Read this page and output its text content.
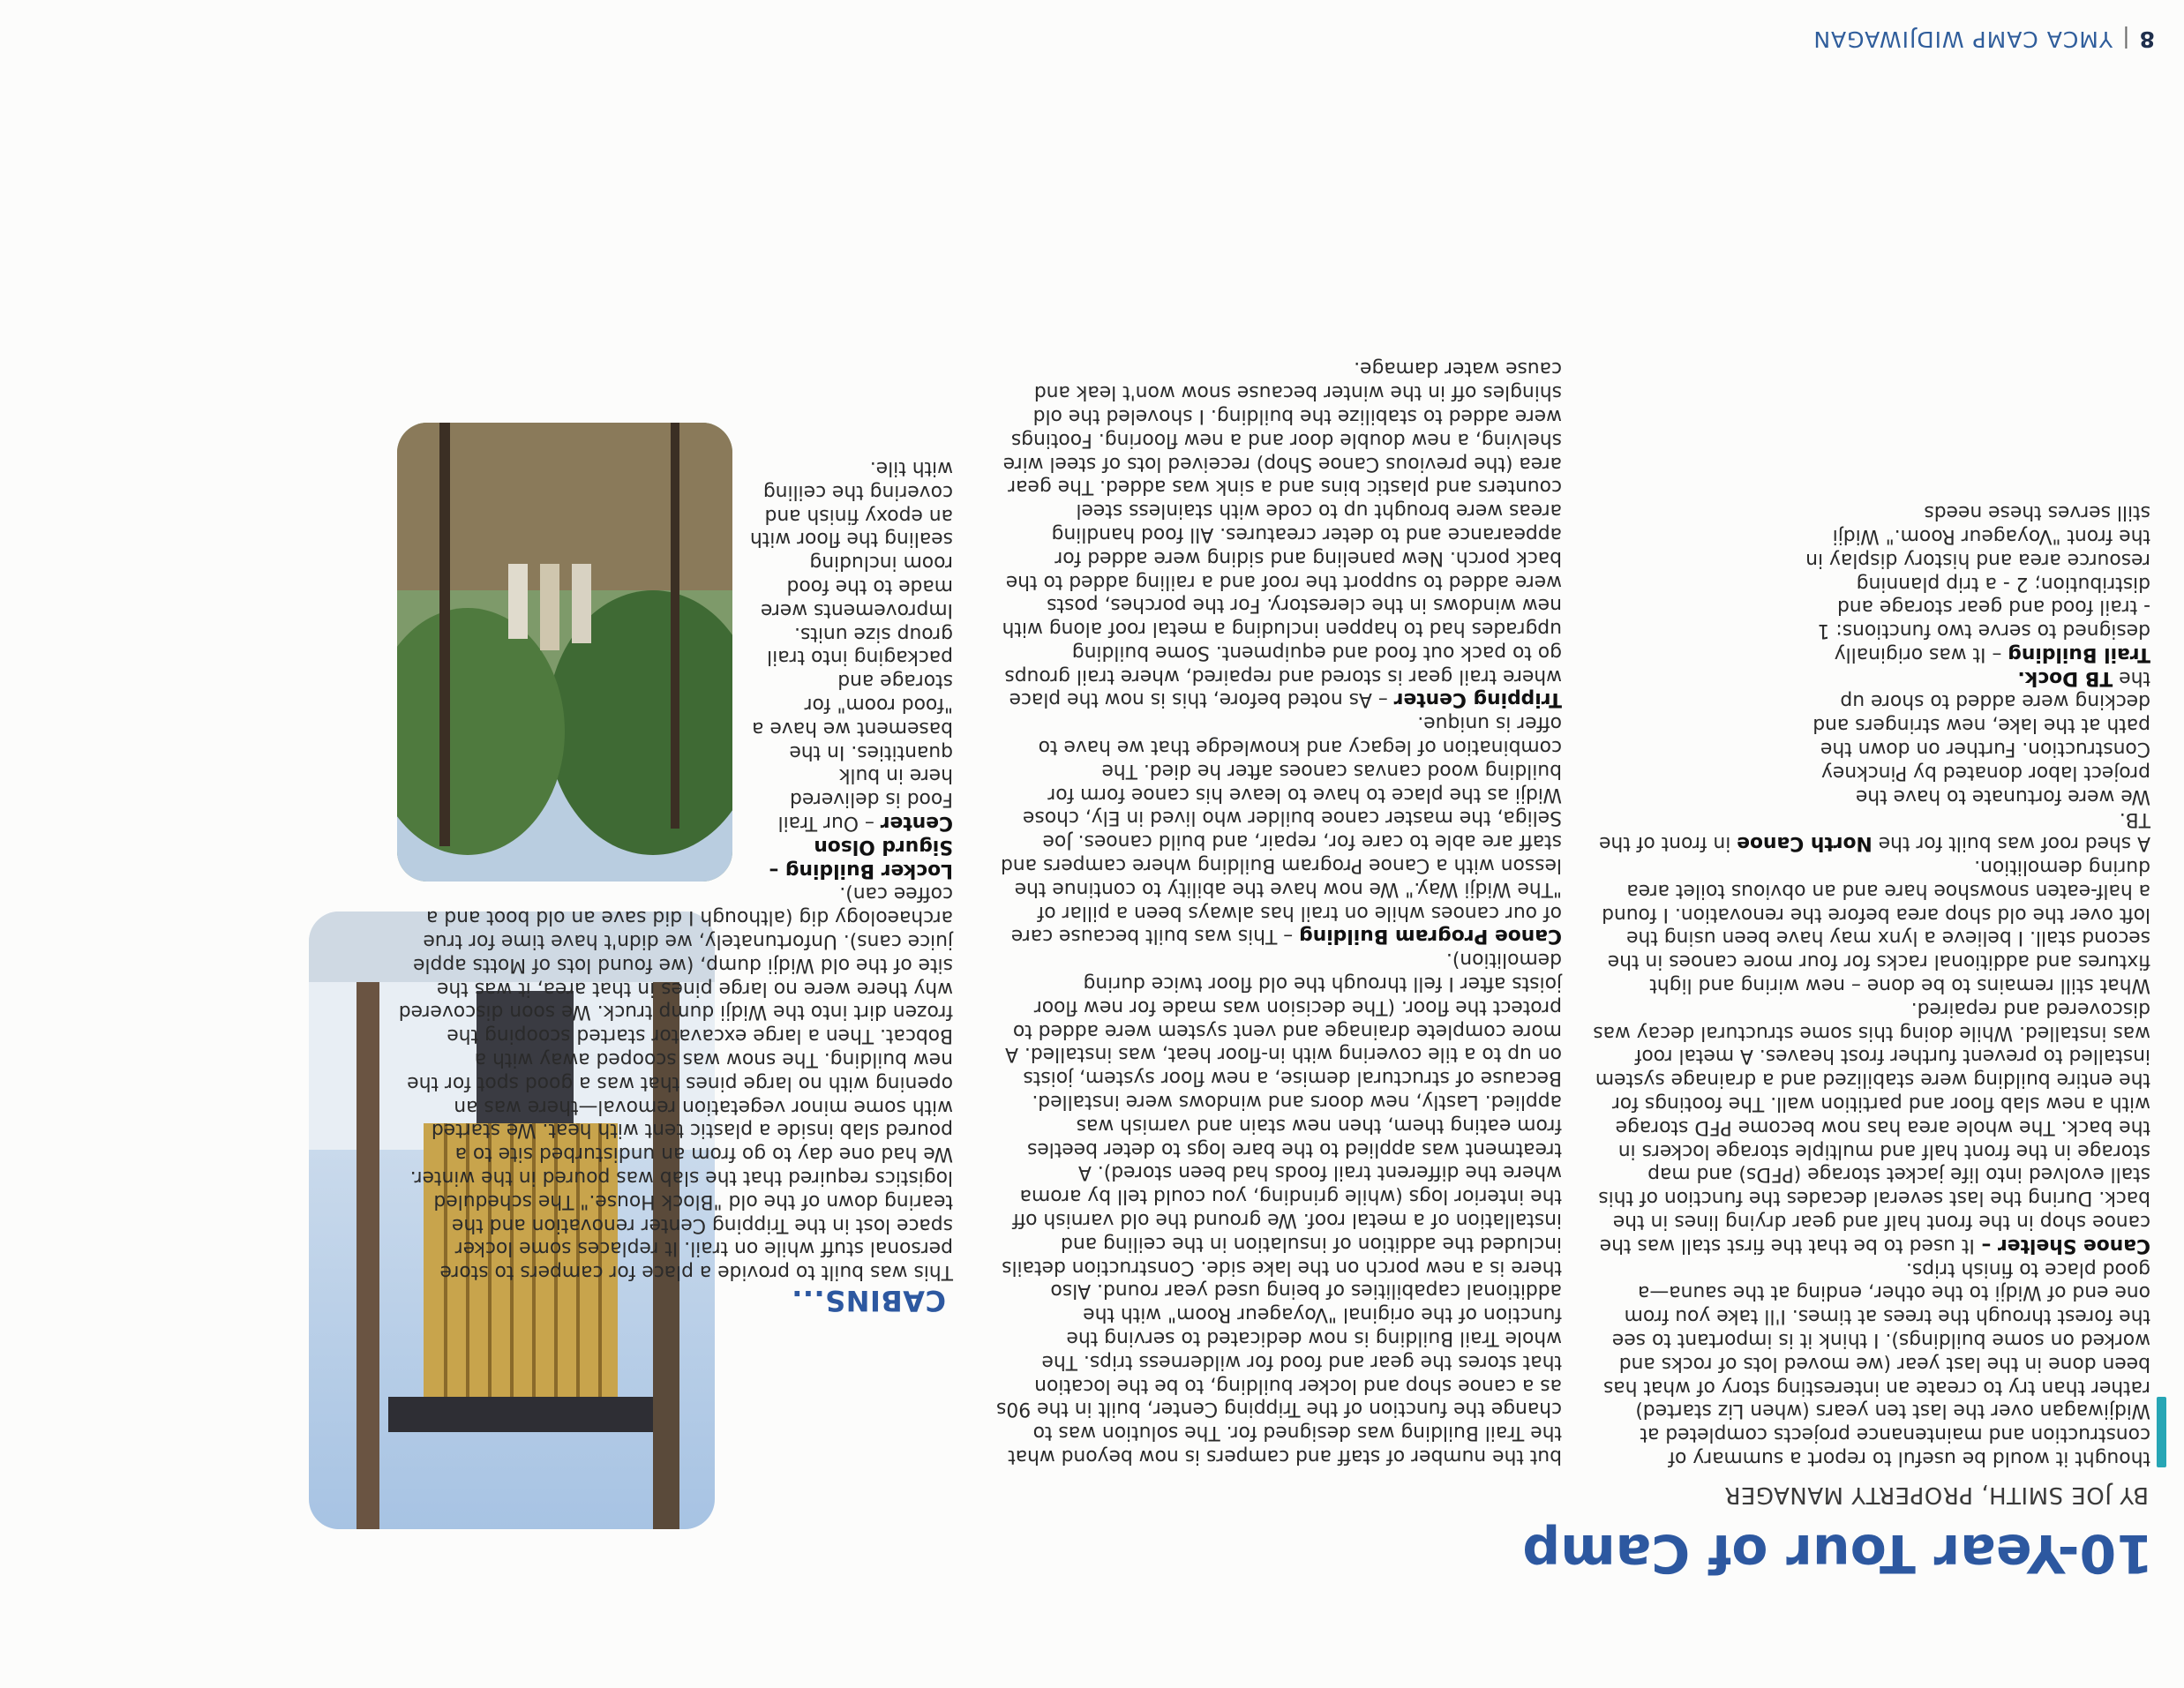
8
|
YMCA CAMP WIDJIWAGAN
10-Year Tour of Camp
BY JOE SMITH, PROPERTY MANAGER

thought it would be useful to report a summary of construction and maintenance projects completed at Widjiwagan over the last ten years (when Liz started) rather than try to create an interesting story of what has been done in the last year (we moved lots of rocks and worked on some buildings). I think it is important to see the forest through the trees at times. I'll take you from one end of Widji to the other, ending at the sauna—a good place to finish trips.

Canoe Shelter – It used to be that the first stall was the canoe shop in the front half and gear drying lines in the back. During the last several decades the function of this stall evolved into life jacket storage (PFDs) and map storage in the front half and multiple storage lockers in the back. The whole area has now become PFD storage with a new slab floor and partition wall. The footings for the entire building were stabilized and a drainage system installed to prevent further frost heaves. A metal roof was installed. While doing this some structural decay was discovered and repaired.

What still remains to be done – new wiring and light fixtures and additional racks for four more canoes in the second stall. I believe a lynx may have been using the loft over the old shop area before the renovation. I found a half-eaten snowshoe hare and an obvious toilet area during demolition.

A shed roof was built for the North Canoe in front of the TB.

We were fortunate to have the project labor donated by Pinckney Construction. Further on down the path at the lake, new stringers and decking were added to shore up the TB Dock.

Trail Building – It was originally designed to serve two functions: 1 - trail food and gear storage and distribution; 2 - a trip planning resource area and history display in the front "Voyageur Room." Widji still serves these needs

but the number of staff and campers is now beyond what the Trail Building was designed for. The solution was to change the function of the Tripping Center, built in the 90s as a canoe shop and locker building, to be the location that stores the gear and food for wilderness trips. The whole Trail Building is now dedicated to serving the function of the original "Voyageur Room" with the additional capabilities of being used year round. Also there is a new porch on the lake side. Construction details included the addition of insulation in the ceiling and installation of a metal roof. We ground the old varnish off the interior logs (while grinding, you could tell by aroma where the different trail foods had been stored). A treatment was applied to the bare logs to deter beetles from eating them, then new stain and varnish was applied. Lastly, new doors and windows were installed. Because of structural demise, a new floor system, joists on up to a tile covering with in-floor heat, was installed. A more complete drainage and vent system were added to protect the floor. (The decision was made for new floor joists after I fell through the old floor twice during demolition).

Canoe Program Building – This was built because care of our canoes while on trail has always been a pillar of "The Widji Way." We now have the ability to continue the lesson with a Canoe Program Building where campers and staff are able to care for, repair, and build canoes. Joe Seliga, the master canoe builder who lived in Ely, chose Widji as the place to have to leave his canoe form for building wood canvas canoes after he died. The combination of legacy and knowledge that we have to offer is unique.

Tripping Center – As noted before, this is now the place where trail gear is stored and repaired, where trail groups go to pack out food and equipment. Some building upgrades had to happen including a metal roof along with new windows in the clerestory. For the porches, posts were added to support the roof and a railing added to the back porch. New paneling and siding were added for appearance and to deter creatures. All food handling areas were brought up to code with stainless steel counters and plastic bins and a sink was added. The gear area (the previous Canoe Shop) received lots of steel wire shelving, a new double door and a new flooring. Footings were added to stabilize the building. I shoveled the old shingles off in the winter because snow won't leak and cause water damage.

CABINS...

This was built to provide a place for campers to store personal stuff while on trail. It replaces some locker space lost in the Tripping Center renovation and the tearing down of the old "Block House." The scheduled logistics required that the slab was poured in the winter. We had one day to go from an undisturbed site to a poured slab inside a plastic tent with heat. We started with some minor vegetation removal—there was an opening with no large pines that was a good spot for the new building. The snow was scooped away with a Bobcat. Then a large excavator started scooping the frozen dirt into the Widji dump truck. We soon discovered why there were no large pines in that area, it was the site of the old Widji dump, (we found lots of Motts apple juice cans). Unfortunately, we didn't have time for true archaeology dig (although I did save an old boot and a coffee can).

Locker Building –

Sigurd Olson Center – Our Trail Food is delivered here in bulk quantities. In the basement we have a "food room" for storage and packaging into trail group size units. Improvements were made to the food room including sealing the floor with an epoxy finish and covering the ceiling with tile.
